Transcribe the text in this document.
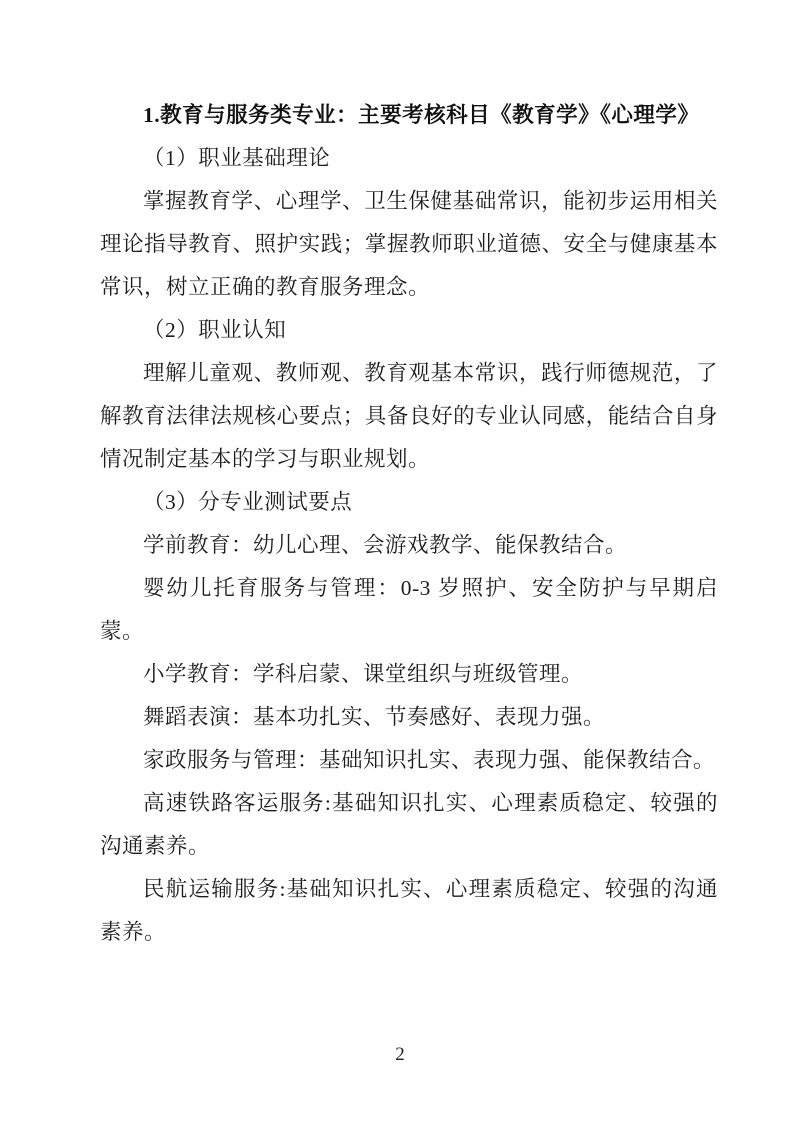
1.教育与服务类专业：主要考核科目《教育学》《心理学》

（1）职业基础理论

掌握教育学、心理学、卫生保健基础常识，能初步运用相关理论指导教育、照护实践；掌握教师职业道德、安全与健康基本常识，树立正确的教育服务理念。

（2）职业认知

理解儿童观、教师观、教育观基本常识，践行师德规范，了解教育法律法规核心要点；具备良好的专业认同感，能结合自身情况制定基本的学习与职业规划。

（3）分专业测试要点

学前教育：幼儿心理、会游戏教学、能保教结合。

婴幼儿托育服务与管理：0-3 岁照护、安全防护与早期启蒙。

小学教育：学科启蒙、课堂组织与班级管理。

舞蹈表演：基本功扎实、节奏感好、表现力强。

家政服务与管理：基础知识扎实、表现力强、能保教结合。

高速铁路客运服务:基础知识扎实、心理素质稳定、较强的沟通素养。

民航运输服务:基础知识扎实、心理素质稳定、较强的沟通素养。

2
